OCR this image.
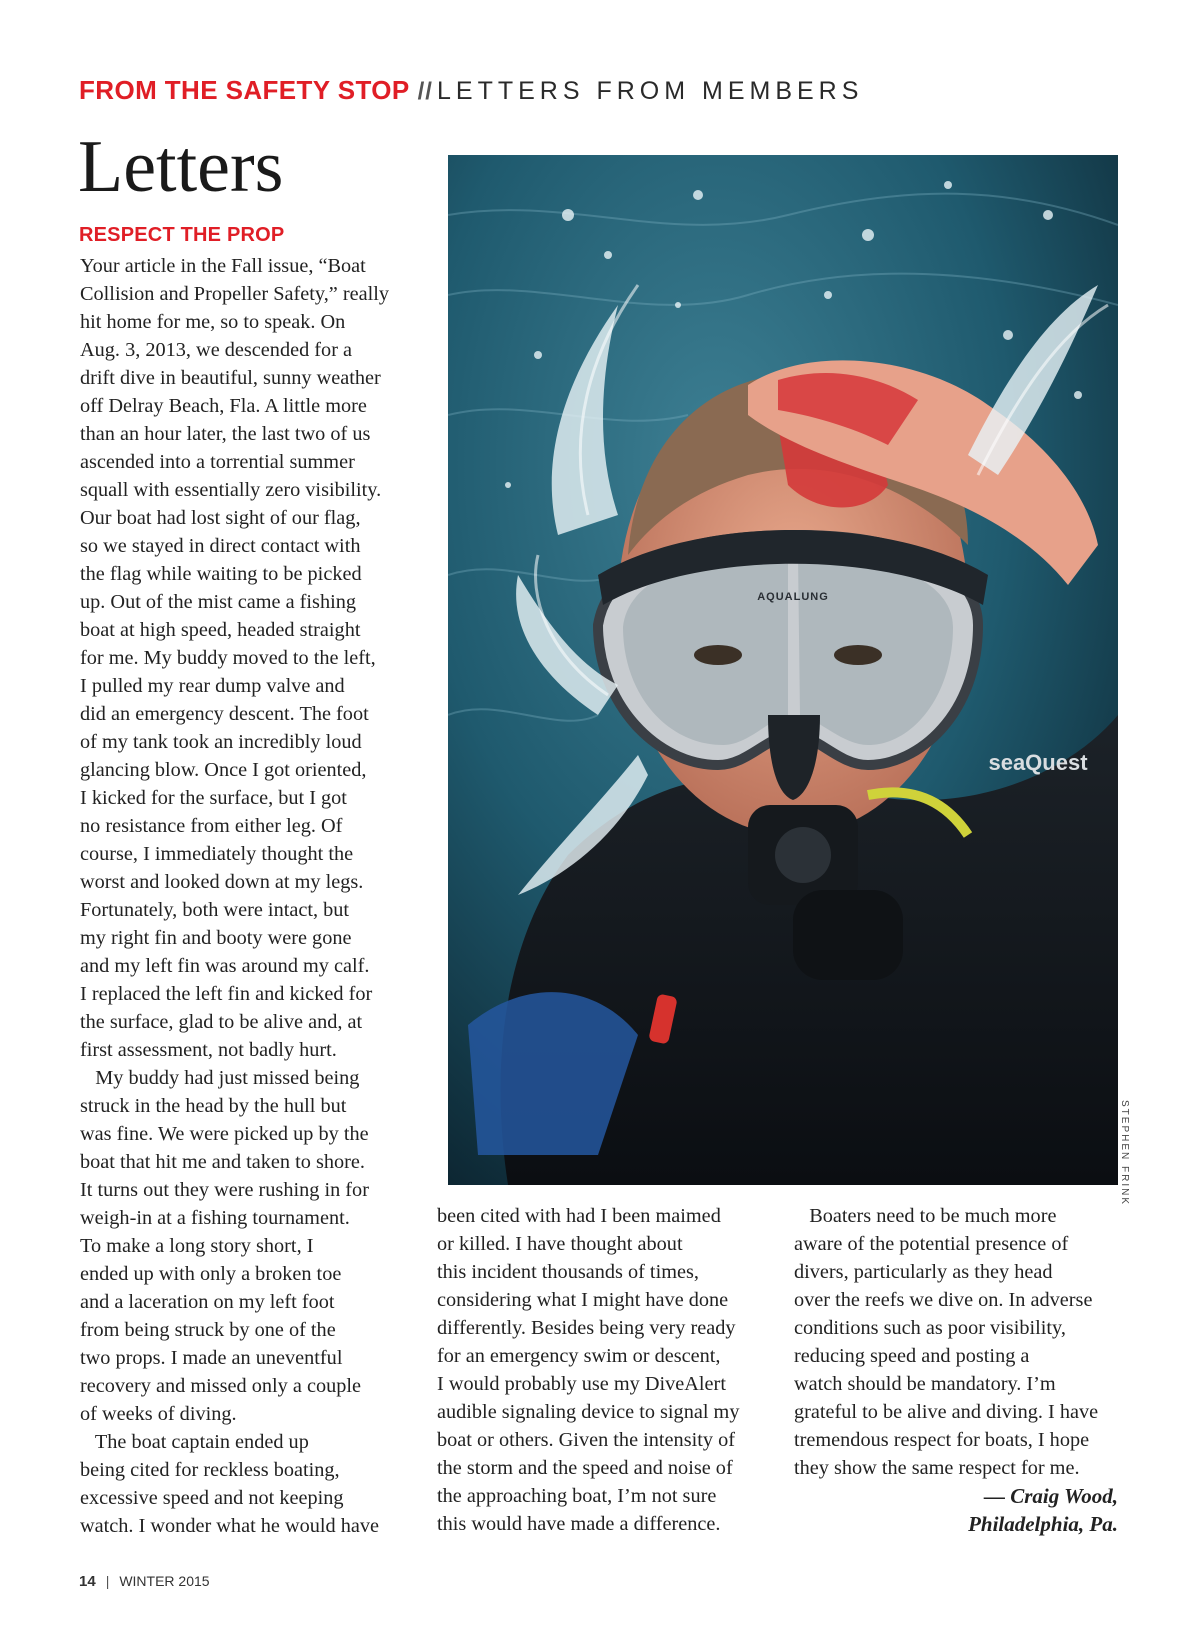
FROM THE SAFETY STOP // LETTERS FROM MEMBERS
Letters
RESPECT THE PROP

Your article in the Fall issue, “Boat

Collision and Propeller Safety,” really

hit home for me, so to speak. On

Aug. 3, 2013, we descended for a

drift dive in beautiful, sunny weather

off Delray Beach, Fla. A little more

than an hour later, the last two of us

ascended into a torrential summer

squall with essentially zero visibility.

Our boat had lost sight of our flag,

so we stayed in direct contact with

the flag while waiting to be picked

up. Out of the mist came a fishing

boat at high speed, headed straight

for me. My buddy moved to the left,

I pulled my rear dump valve and

did an emergency descent. The foot

of my tank took an incredibly loud

glancing blow. Once I got oriented,

I kicked for the surface, but I got

no resistance from either leg. Of

course, I immediately thought the

worst and looked down at my legs.

Fortunately, both were intact, but

my right fin and booty were gone

and my left fin was around my calf.

I replaced the left fin and kicked for

the surface, glad to be alive and, at

first assessment, not badly hurt.

My buddy had just missed being

struck in the head by the hull but

was fine. We were picked up by the

boat that hit me and taken to shore.

It turns out they were rushing in for

weigh-in at a fishing tournament.

To make a long story short, I

ended up with only a broken toe

and a laceration on my left foot

from being struck by one of the

two props. I made an uneventful

recovery and missed only a couple

of weeks of diving.

The boat captain ended up

being cited for reckless boating,

excessive speed and not keeping

watch. I wonder what he would have

been cited with had I been maimed

or killed. I have thought about

this incident thousands of times,

considering what I might have done

differently. Besides being very ready

for an emergency swim or descent,

I would probably use my DiveAlert

audible signaling device to signal my

boat or others. Given the intensity of

the storm and the speed and noise of

the approaching boat, I’m not sure

this would have made a difference.

Boaters need to be much more

aware of the potential presence of

divers, particularly as they head

over the reefs we dive on. In adverse

conditions such as poor visibility,

reducing speed and posting a

watch should be mandatory. I’m

grateful to be alive and diving. I have

tremendous respect for boats, I hope

they show the same respect for me.

— Craig Wood,
Philadelphia, Pa.
AQUALUNG
seaQuest
STEPHEN FRINK
14 | WINTER 2015
